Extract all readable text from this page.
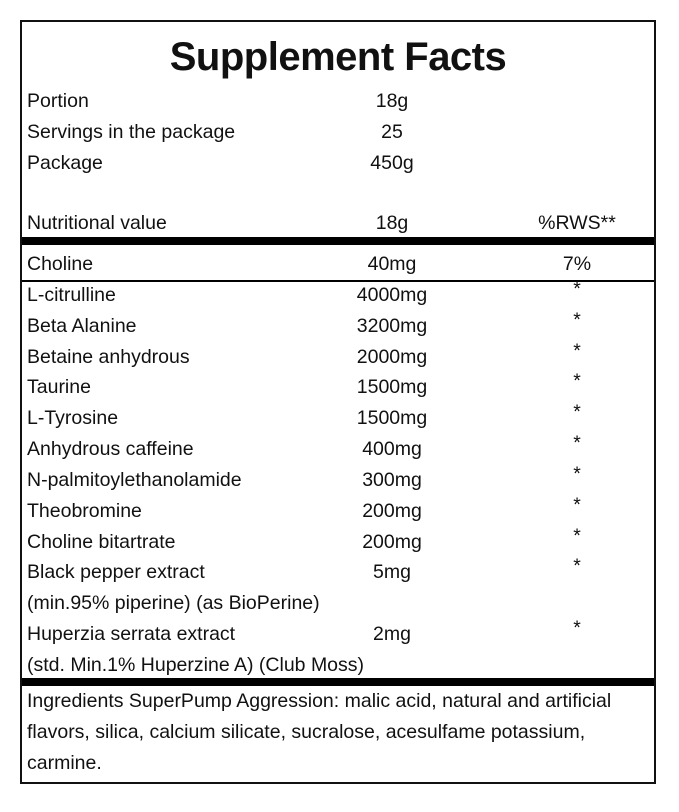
Supplement Facts
Portion	18g
Servings in the package	25
Package	450g
Nutritional value	18g	%RWS**
Choline	40mg	7%
L-citrulline	4000mg	*
Beta Alanine	3200mg	*
Betaine anhydrous	2000mg	*
Taurine	1500mg	*
L-Tyrosine	1500mg	*
Anhydrous caffeine	400mg	*
N-palmitoylethanolamide	300mg	*
Theobromine	200mg	*
Choline bitartrate	200mg	*
Black pepper extract	5mg	*
(min.95% piperine) (as BioPerine)
Huperzia serrata extract	2mg	*
(std. Min.1% Huperzine A) (Club Moss)
Ingredients SuperPump Aggression: malic acid, natural and artificial flavors, silica, calcium silicate, sucralose, acesulfame potassium, carmine.
